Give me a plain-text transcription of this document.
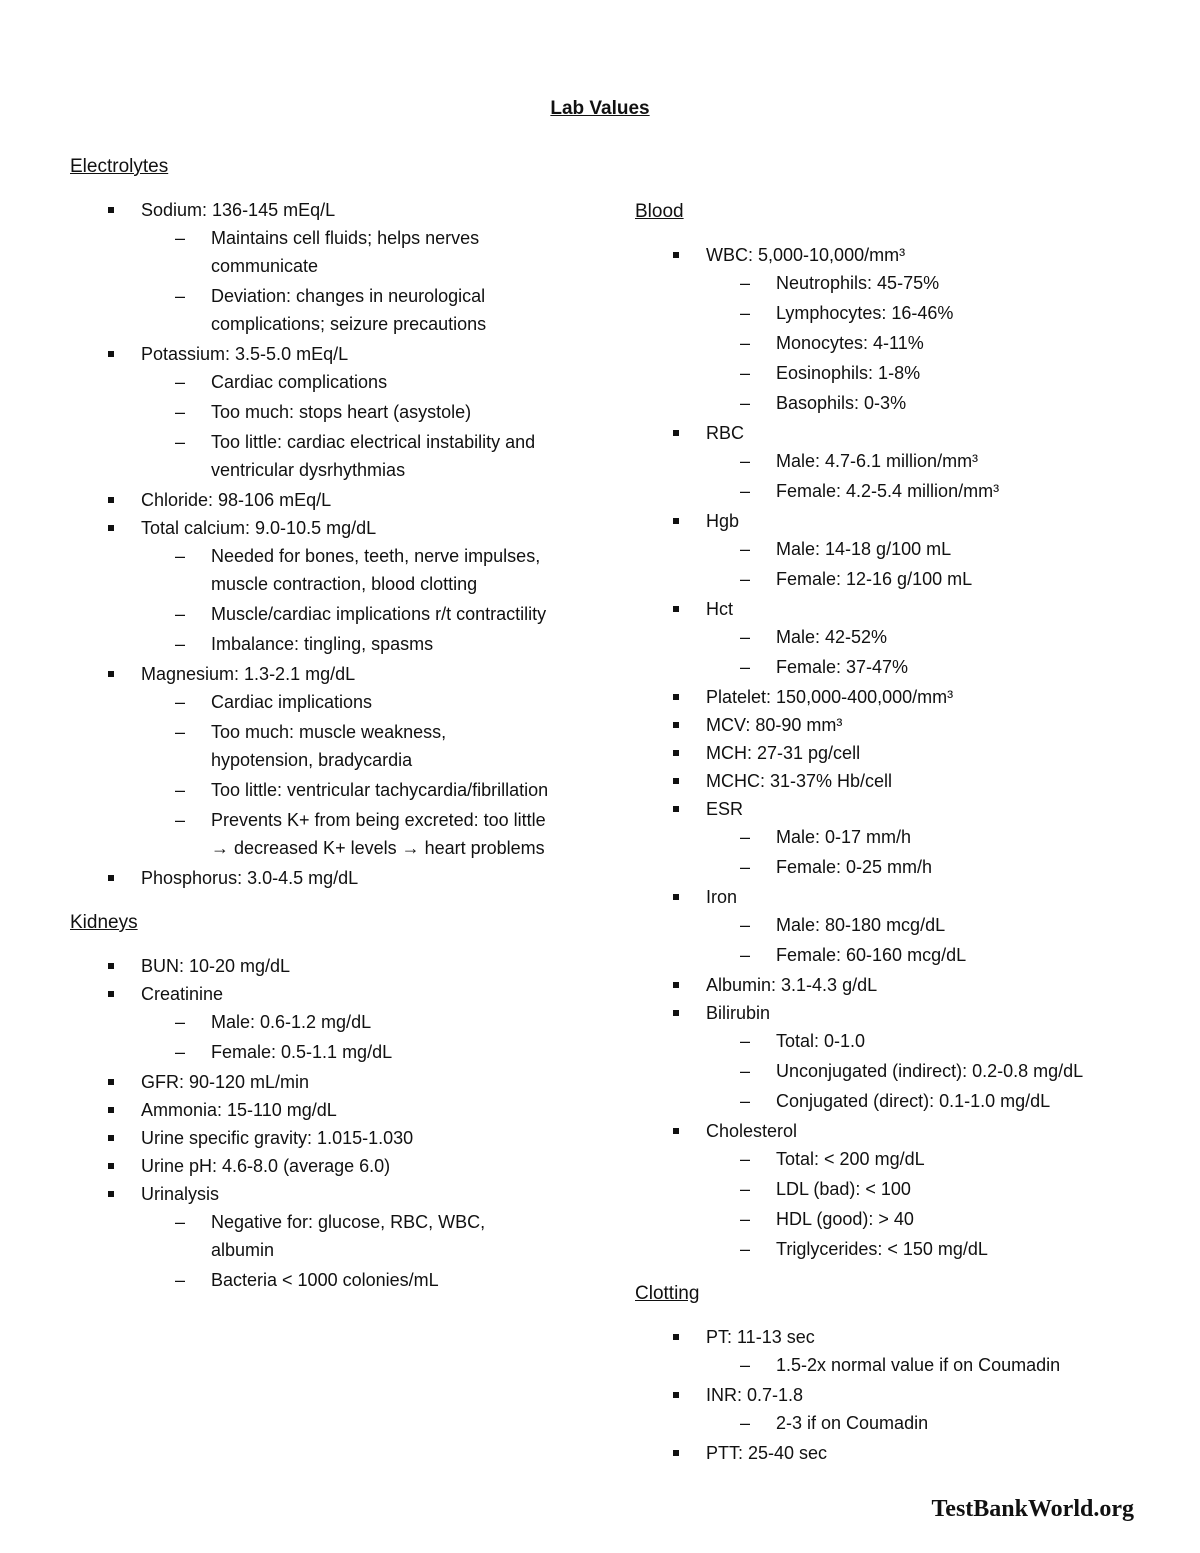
Lab Values
Electrolytes
Sodium: 136-145 mEq/L
– Maintains cell fluids; helps nerves communicate
– Deviation: changes in neurological complications; seizure precautions
Potassium: 3.5-5.0 mEq/L
– Cardiac complications
– Too much: stops heart (asystole)
– Too little: cardiac electrical instability and ventricular dysrhythmias
Chloride: 98-106 mEq/L
Total calcium: 9.0-10.5 mg/dL
– Needed for bones, teeth, nerve impulses, muscle contraction, blood clotting
– Muscle/cardiac implications r/t contractility
– Imbalance: tingling, spasms
Magnesium: 1.3-2.1 mg/dL
– Cardiac implications
– Too much: muscle weakness, hypotension, bradycardia
– Too little: ventricular tachycardia/fibrillation
– Prevents K+ from being excreted: too little → decreased K+ levels → heart problems
Phosphorus: 3.0-4.5 mg/dL
Kidneys
BUN: 10-20 mg/dL
Creatinine
– Male: 0.6-1.2 mg/dL
– Female: 0.5-1.1 mg/dL
GFR: 90-120 mL/min
Ammonia: 15-110 mg/dL
Urine specific gravity: 1.015-1.030
Urine pH: 4.6-8.0 (average 6.0)
Urinalysis
– Negative for: glucose, RBC, WBC, albumin
– Bacteria < 1000 colonies/mL
Blood
WBC: 5,000-10,000/mm³
– Neutrophils: 45-75%
– Lymphocytes: 16-46%
– Monocytes: 4-11%
– Eosinophils: 1-8%
– Basophils: 0-3%
RBC
– Male: 4.7-6.1 million/mm³
– Female: 4.2-5.4 million/mm³
Hgb
– Male: 14-18 g/100 mL
– Female: 12-16 g/100 mL
Hct
– Male: 42-52%
– Female: 37-47%
Platelet: 150,000-400,000/mm³
MCV: 80-90 mm³
MCH: 27-31 pg/cell
MCHC: 31-37% Hb/cell
ESR
– Male: 0-17 mm/h
– Female: 0-25 mm/h
Iron
– Male: 80-180 mcg/dL
– Female: 60-160 mcg/dL
Albumin: 3.1-4.3 g/dL
Bilirubin
– Total: 0-1.0
– Unconjugated (indirect): 0.2-0.8 mg/dL
– Conjugated (direct): 0.1-1.0 mg/dL
Cholesterol
– Total: < 200 mg/dL
– LDL (bad): < 100
– HDL (good): > 40
– Triglycerides: < 150 mg/dL
Clotting
PT: 11-13 sec
– 1.5-2x normal value if on Coumadin
INR: 0.7-1.8
– 2-3 if on Coumadin
PTT: 25-40 sec
TestBankWorld.org
